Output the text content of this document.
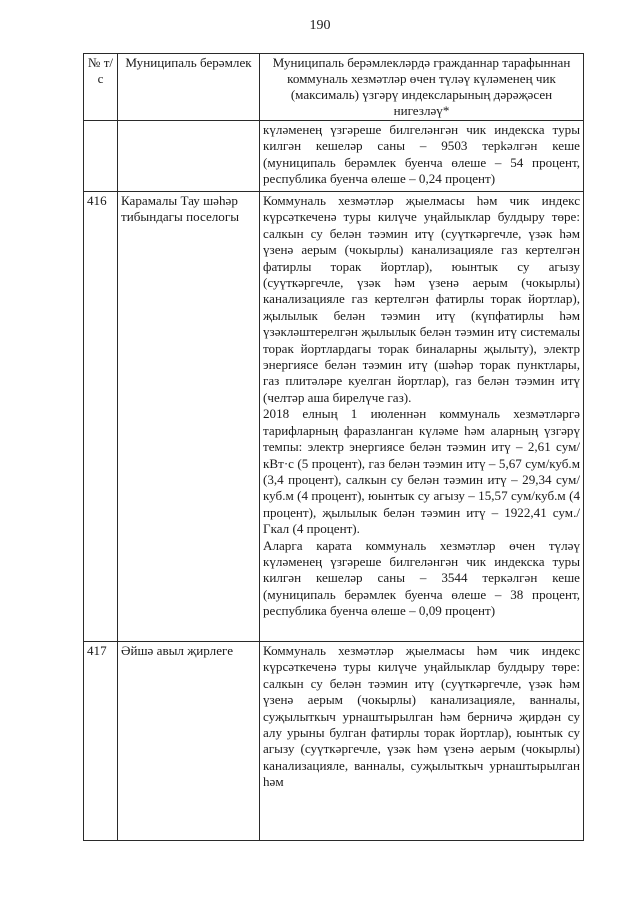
190
№ т/с	Муниципаль берәмлек	Муниципаль берәмлекләрдә гражданнар тарафыннан коммуналь хезмәтләр өчен түләү күләменең чик (максималь) үзгәрү индексларының дәрәҗәсен нигезләү*

		күләменең үзгәреше билгеләнгән чик индекска туры килгән кешеләр саны – 9503 терkәлгән кеше (муниципаль берәмлек буенча өлеше – 54 процент, республика буенча өлеше – 0,24 процент)

416	Карамалы Тау шәһәр тибындагы поселогы	Коммуналь хезмәтләр җыелмасы һәм чик индекс күрсәткеченә туры килүче уңайлыклар булдыру төре: салкын су белән тәэмин итү (суүткәргечле, үзәк һәм үзенә аерым (чокырлы) канализацияле газ кертелгән фатирлы торак йортлар), юынтык су агызу (суүткәргечле, үзәк һәм үзенә аерым (чокырлы) канализацияле газ кертелгән фатирлы торак йортлар), җылылык белән тәэмин итү (күпфатирлы һәм үзәкләштерелгән җылылык белән тәэмин итү системалы торак йортлардагы торак биналарны җылыту), электр энергиясе белән тәэмин итү (шәһәр торак пунктлары, газ плитәләре куелган йортлар), газ белән тәэмин итү (челтәр аша бирелүче газ).

2018 елның 1 июленнән коммуналь хезмәтләргә тарифларның фаразланган күләме һәм аларның үзгәрү темпы: электр энергиясе белән тәэмин итү – 2,61 сум/кВт·с (5 процент), газ белән тәэмин итү – 5,67 сум/куб.м (3,4 процент), салкын су белән тәэмин итү – 29,34 сум/куб.м (4 процент), юынтык су агызу – 15,57 сум/куб.м (4 процент), җылылык белән тәэмин итү – 1922,41 сум./Гкал (4 процент).

Аларга карата коммуналь хезмәтләр өчен түләү күләменең үзгәреше билгеләнгән чик индекска туры килгән кешеләр саны – 3544 теркәлгән кеше (муниципаль берәмлек буенча өлеше – 38 процент, республика буенча өлеше – 0,09 процент)

417	Әйшә авыл җирлеге	Коммуналь хезмәтләр җыелмасы һәм чик индекс күрсәткеченә туры килүче уңайлыклар булдыру төре: салкын су белән тәэмин итү (суүткәргечле, үзәк һәм үзенә аерым (чокырлы) канализацияле, ванналы, суҗылыткыч урнаштырылган һәм берничә җирдән су алу урыны булган фатирлы торак йортлар), юынтык су агызу (суүткәргечле, үзәк һәм үзенә аерым (чокырлы) канализацияле, ванналы, суҗылыткыч урнаштырылган һәм
